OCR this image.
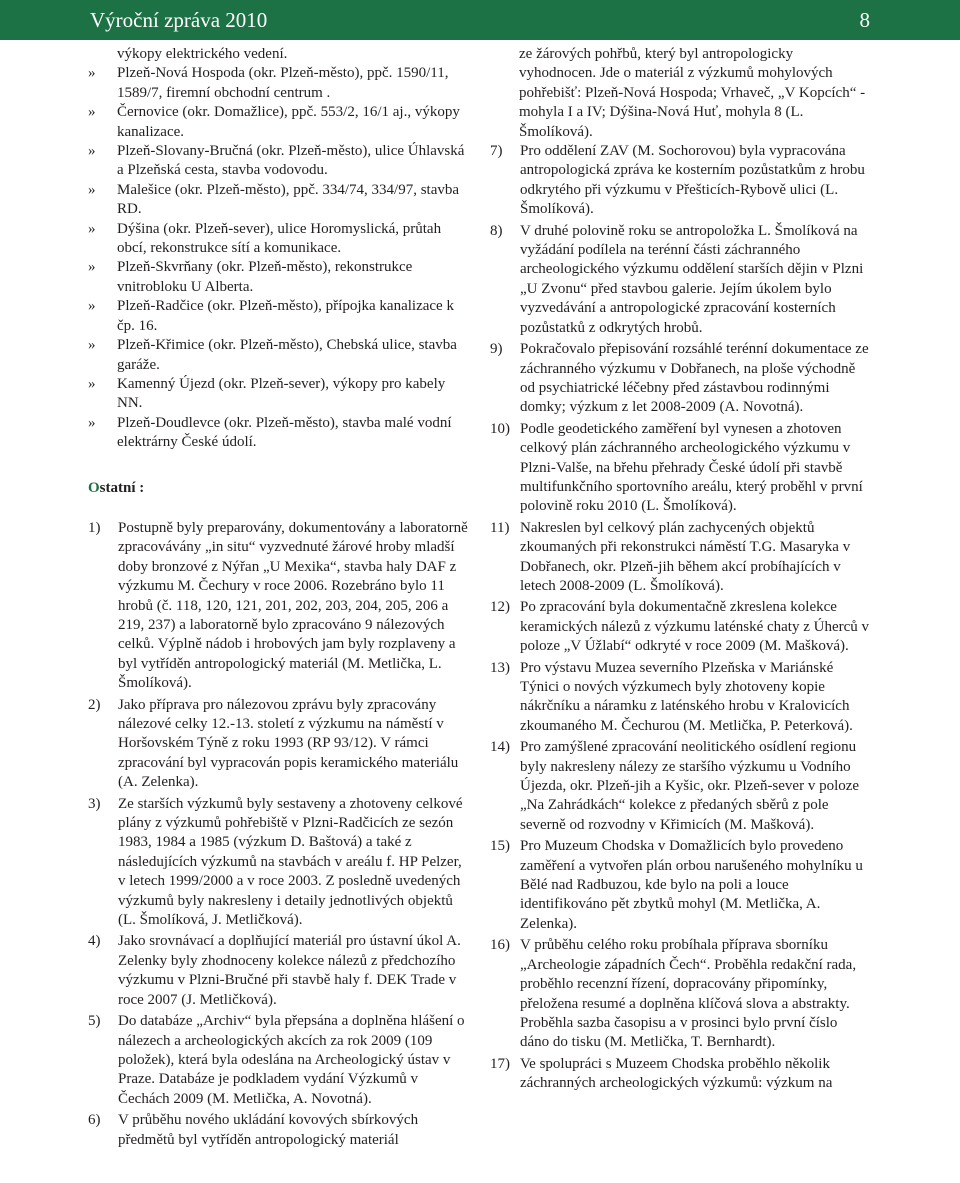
Výroční zpráva 2010	8
výkopy elektrického vedení.
» Plzeň-Nová Hospoda (okr. Plzeň-město), ppč. 1590/11, 1589/7, firemní obchodní centrum .
» Černovice (okr. Domažlice), ppč. 553/2, 16/1 aj., výkopy kanalizace.
» Plzeň-Slovany-Bručná (okr. Plzeň-město), ulice Úhlavská a Plzeňská cesta, stavba vodovodu.
» Malešice (okr. Plzeň-město), ppč. 334/74, 334/97, stavba RD.
» Dýšina (okr. Plzeň-sever), ulice Horomyslická, průtah obcí, rekonstrukce sítí a komunikace.
» Plzeň-Skvrňany (okr. Plzeň-město), rekonstrukce vnitrobloku U Alberta.
» Plzeň-Radčice (okr. Plzeň-město), přípojka kanalizace k čp. 16.
» Plzeň-Křimice (okr. Plzeň-město), Chebská ulice, stavba garáže.
» Kamenný Újezd (okr. Plzeň-sever), výkopy pro kabely NN.
» Plzeň-Doudlevce (okr. Plzeň-město), stavba malé vodní elektrárny České údolí.
Ostatní :
1) Postupně byly preparovány, dokumentovány a laboratorně zpracovávány „in situ“ vyzvednuté žárové hroby mladší doby bronzové z Nýřan „U Mexika“, stavba haly DAF z výzkumu M. Čechury v roce 2006. Rozebráno bylo 11 hrobů (č. 118, 120, 121, 201, 202, 203, 204, 205, 206 a 219, 237) a laboratorně bylo zpracováno 9 nálezových celků. Výplně nádob i hrobových jam byly rozplaveny a byl vytříděn antropologický materiál (M. Metlička, L. Šmolíková).
2) Jako příprava pro nálezovou zprávu byly zpracovány nálezové celky 12.-13. století z výzkumu na náměstí v Horšovském Týně z roku 1993 (RP 93/12). V rámci zpracování byl vypracován popis keramického materiálu (A. Zelenka).
3) Ze starších výzkumů byly sestaveny a zhotoveny celkové plány z výzkumů pohřebiště v Plzni-Radčicích ze sezón 1983, 1984 a 1985 (výzkum D. Baštová) a také z následujících výzkumů na stavbách v areálu f. HP Pelzer, v letech 1999/2000 a v roce 2003. Z posledně uvedených výzkumů byly nakresleny i detaily jednotlivých objektů (L. Šmolíková, J. Metličková).
4) Jako srovnávací a doplňující materiál pro ústavní úkol A. Zelenky byly zhodnoceny kolekce nálezů z předchozího výzkumu v Plzni-Bručné při stavbě haly f. DEK Trade v roce 2007 (J. Metličková).
5) Do databáze „Archiv“ byla přepsána a doplněna hlášení o nálezech a archeologických akcích za rok 2009 (109 položek), která byla odeslána na Archeologický ústav v Praze. Databáze je podkladem vydání Výzkumů v Čechách 2009 (M. Metlička, A. Novotná).
6) V průběhu nového ukládání kovových sbírkových předmětů byl vytříděn antropologický materiál
ze žárových pohřbů, který byl antropologicky vyhodnocen. Jde o materiál z výzkumů mohylových pohřebišť: Plzeň-Nová Hospoda; Vrhaveč, „V Kopcích“ - mohyla I a IV; Dýšina-Nová Huť, mohyla 8 (L. Šmolíková).
7) Pro oddělení ZAV (M. Sochorovou) byla vypracována antropologická zpráva ke kosterním pozůstatkům z hrobu odkrytého při výzkumu v Přešticích-Rybově ulici (L. Šmolíková).
8) V druhé polovině roku se antropoložka L. Šmolíková na vyžádání podílela na terénní části záchranného archeologického výzkumu oddělení starších dějin v Plzni „U Zvonu“ před stavbou galerie. Jejím úkolem bylo vyzvedávání a antropologické zpracování kosterních pozůstatků z odkrytých hrobů.
9) Pokračovalo přepisování rozsáhlé terénní dokumentace ze záchranného výzkumu v Dobřanech, na ploše východně od psychiatrické léčebny před zástavbou rodinnými domky; výzkum z let 2008-2009 (A. Novotná).
10) Podle geodetického zaměření byl vynesen a zhotoven celkový plán záchranného archeologického výzkumu v Plzni-Valše, na břehu přehrady České údolí při stavbě multifunkčního sportovního areálu, který proběhl v první polovině roku 2010 (L. Šmolíková).
11) Nakreslen byl celkový plán zachycených objektů zkoumaných při rekonstrukci náměstí T.G. Masaryka v Dobřanech, okr. Plzeň-jih během akcí probíhajících v letech 2008-2009 (L. Šmolíková).
12) Po zpracování byla dokumentačně zkreslena kolekce keramických nálezů z výzkumu laténské chaty z Úherců v poloze „V Úžlabí“ odkryté v roce 2009 (M. Mašková).
13) Pro výstavu Muzea severního Plzeňska v Mariánské Týnici o nových výzkumech byly zhotoveny kopie nákrčníku a náramku z laténského hrobu v Kralovicích zkoumaného M. Čechurou (M. Metlička, P. Peterková).
14) Pro zamýšlené zpracování neolitického osídlení regionu byly nakresleny nálezy ze staršího výzkumu u Vodního Újezda, okr. Plzeň-jih a Kyšic, okr. Plzeň-sever v poloze „Na Zahrádkách“ kolekce z předaných sběrů z pole severně od rozvodny v Křimicích (M. Mašková).
15) Pro Muzeum Chodska v Domažlicích bylo provedeno zaměření a vytvořen plán orbou narušeného mohylníku u Bělé nad Radbuzou, kde bylo na poli a louce identifikováno pět zbytků mohyl (M. Metlička, A. Zelenka).
16) V průběhu celého roku probíhala příprava sborníku „Archeologie západních Čech“. Proběhla redakční rada, proběhlo recenzní řízení, dopracovány připomínky, přeložena resumé a doplněna klíčová slova a abstrakty. Proběhla sazba časopisu a v prosinci bylo první číslo dáno do tisku (M. Metlička, T. Bernhardt).
17) Ve spolupráci s Muzeem Chodska proběhlo několik záchranných archeologických výzkumů: výzkum na
